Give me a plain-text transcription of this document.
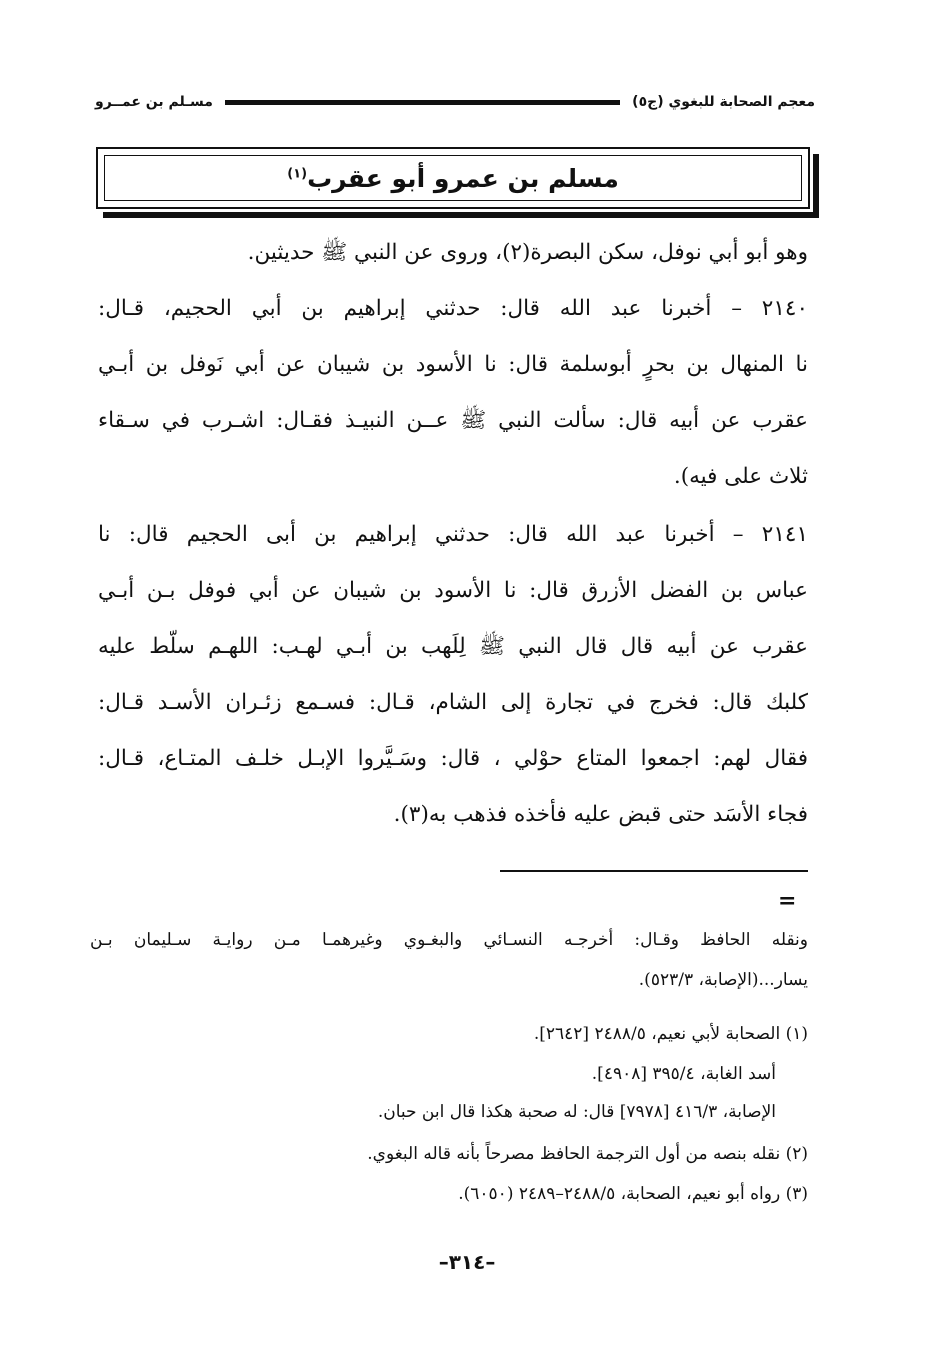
معجم الصحابة للبغوي (ج٥)
مسـلم بن عمــرو
مسلم بن عمرو أبو عقرب$^{(١)}$
وهو أبو أبي نوفل، سكن البصرة(٢)، وروى عن النبي ﷺ حديثين.
٢١٤٠ – أخبرنا عبد الله قال: حدثني إبراهيم بن أبي الحجيم، قـال:
نا المنهال بن بحرٍ أبوسلمة قال: نا الأسود بن شيبان عن أبي نَوفل بن أبـي
عقرب عن أبيه قال: سألت النبي ﷺ عــن النبيـذ فقـال: اشـرب في سـقاء
ثلاث على فيه).
٢١٤١ – أخبرنا عبد الله قال: حدثني إبراهيم بن أبى الحجيم قال: نا
عباس بن الفضل الأزرق قال: نا الأسود بن شيبان عن أبي فوفل بـن أبـي
عقرب عن أبيه قال قال النبي ﷺ لِلَهب بن أبـي لهـب: اللهـم سلّط عليه
كلبك قال: فخرج في تجارة إلى الشام، قـال: فسـمع زئـران الأسـد قـال:
فقال لهم: اجمعوا المتاع حوْلي ، قال: وسَـيَّروا الإبـل خلـف المتـاع، قـال:
فجاء الأسَد حتى قبض عليه فأخذه فذهب به(٣).
=
ونقله الحافظ وقـال: أخرجـه النسـائي والبغـوي وغيرهمـا مـن روايـة سـليمان بـن
يسار...(الإصابة، ٥٢٣/٣).
(١) الصحابة لأبي نعيم، ٢٤٨٨/٥ [٢٦٤٢].
أسد الغابة، ٣٩٥/٤ [٤٩٠٨].
الإصابة، ٤١٦/٣ [٧٩٧٨] قال: له صحبة هكذا قال ابن حبان.
(٢) نقله بنصه من أول الترجمة الحافظ مصرحاً بأنه قاله البغوي.
(٣) رواه أبو نعيم، الصحابة، ٢٤٨٨/٥–٢٤٨٩ (٦٠٥٠).
–٣١٤–
